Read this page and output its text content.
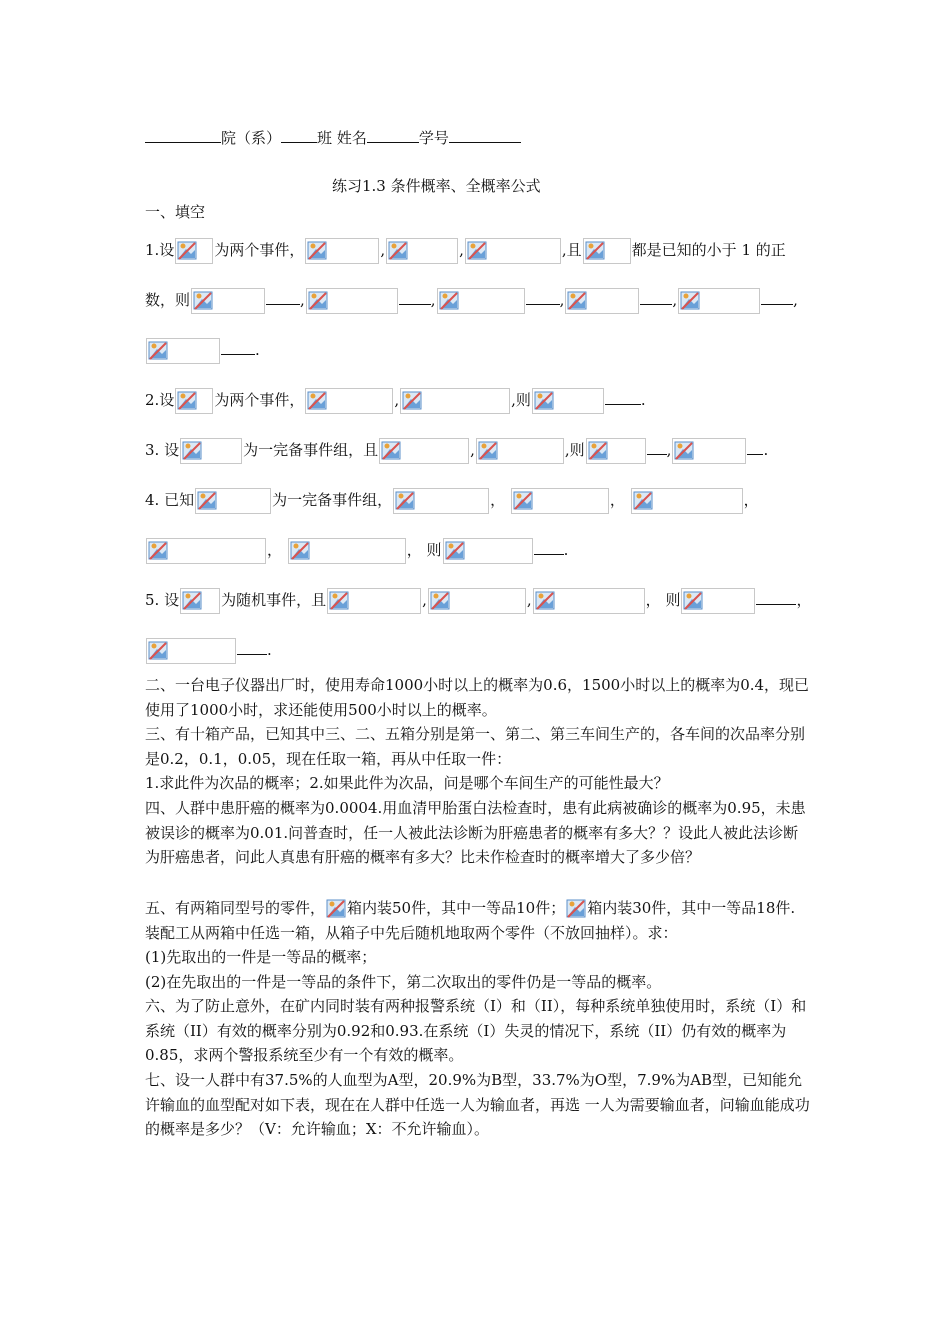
院（系） 班 姓名	学号
练习1.3 条件概率、全概率公式
一、填空
1.设	为两个事件，	,	,	,且	都是已知的小于 1 的正
数，则	,	,	,	,	,
.
2.设	为两个事件，	,	,则	.
3. 设	为一完备事件组，且	,	,则	,	.
4. 已知	为一完备事件组，	，	，	，
，	， 则	.
5. 设	为随机事件，且	,	,	， 则	，
.
二、一台电子仪器出厂时，使用寿命1000小时以上的概率为0.6，1500小时以上的概率为0.4，现已使用了1000小时，求还能使用500小时以上的概率。
三、有十箱产品，已知其中三、二、五箱分别是第一、第二、第三车间生产的，各车间的次品率分别是0.2，0.1，0.05，现在任取一箱，再从中任取一件：
1.求此件为次品的概率；2.如果此件为次品，问是哪个车间生产的可能性最大？
四、人群中患肝癌的概率为0.0004.用血清甲胎蛋白法检查时，患有此病被确诊的概率为0.95，未患被误诊的概率为0.01.问普查时，任一人被此法诊断为肝癌患者的概率有多大？？设此人被此法诊断为肝癌患者，问此人真患有肝癌的概率有多大？比未作检查时的概率增大了多少倍？
五、有两箱同型号的零件， 箱内装50件，其中一等品10件； 箱内装30件，其中一等品18件.装配工从两箱中任选一箱，从箱子中先后随机地取两个零件（不放回抽样）。求：
(1)先取出的一件是一等品的概率；
(2)在先取出的一件是一等品的条件下，第二次取出的零件仍是一等品的概率。
六、为了防止意外，在矿内同时装有两种报警系统（I）和（II），每种系统单独使用时，系统（I）和系统（II）有效的概率分别为0.92和0.93.在系统（I）失灵的情况下，系统（II）仍有效的概率为0.85，求两个警报系统至少有一个有效的概率。
七、设一人群中有37.5%的人血型为A型，20.9%为B型，33.7%为O型，7.9%为AB型，已知能允许输血的血型配对如下表，现在在人群中任选一人为输血者，再选 一人为需要输血者，问输血能成功的概率是多少？（V：允许输血；X：不允许输血）。
